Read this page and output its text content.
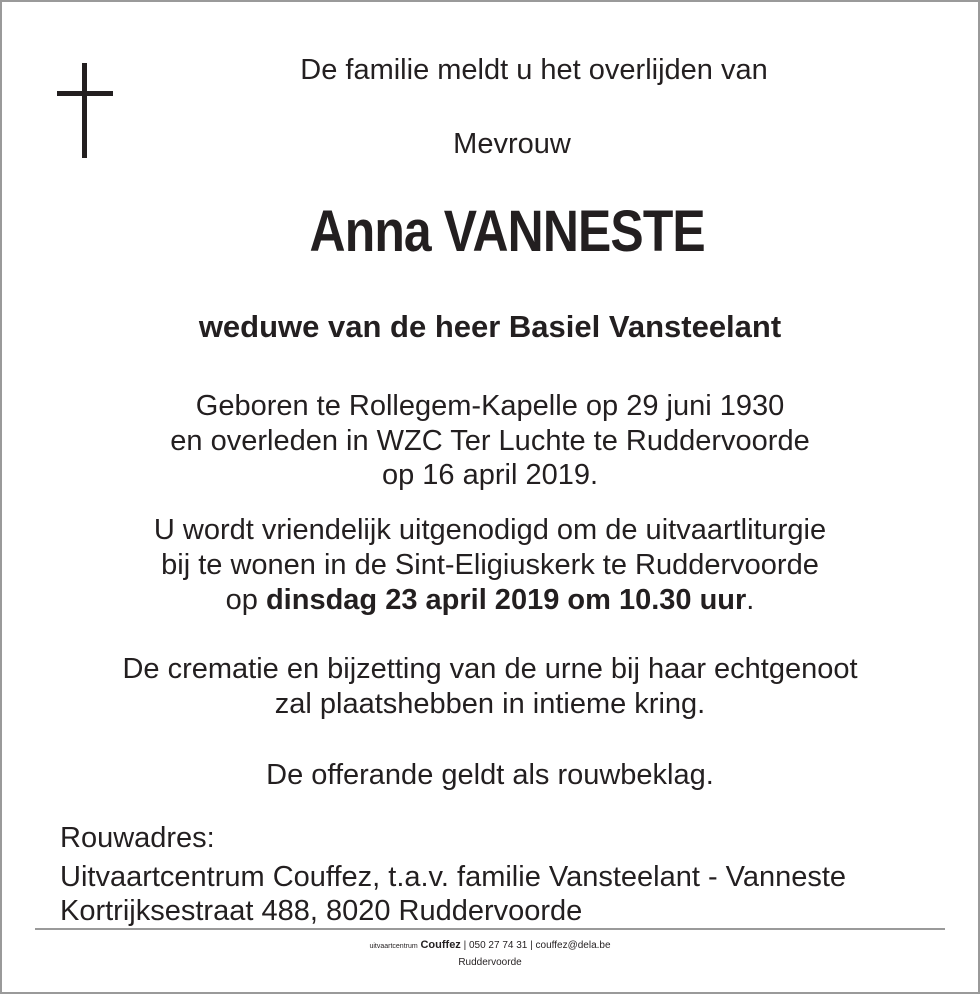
De familie meldt u het overlijden van
Mevrouw
Anna VANNESTE
weduwe van de heer Basiel Vansteelant
Geboren te Rollegem-Kapelle op 29 juni 1930
en overleden in WZC Ter Luchte te Ruddervoorde
op 16 april 2019.
U wordt vriendelijk uitgenodigd om de uitvaartliturgie
bij te wonen in de Sint-Eligiuskerk te Ruddervoorde
op dinsdag 23 april 2019 om 10.30 uur.
De crematie en bijzetting van de urne bij haar echtgenoot
zal plaatshebben in intieme kring.
De offerande geldt als rouwbeklag.
Rouwadres:
Uitvaartcentrum Couffez, t.a.v. familie Vansteelant - Vanneste
Kortrijksestraat 488, 8020 Ruddervoorde
uitvaartcentrum Couffez | 050 27 74 31 | couffez@dela.be
Ruddervoorde
